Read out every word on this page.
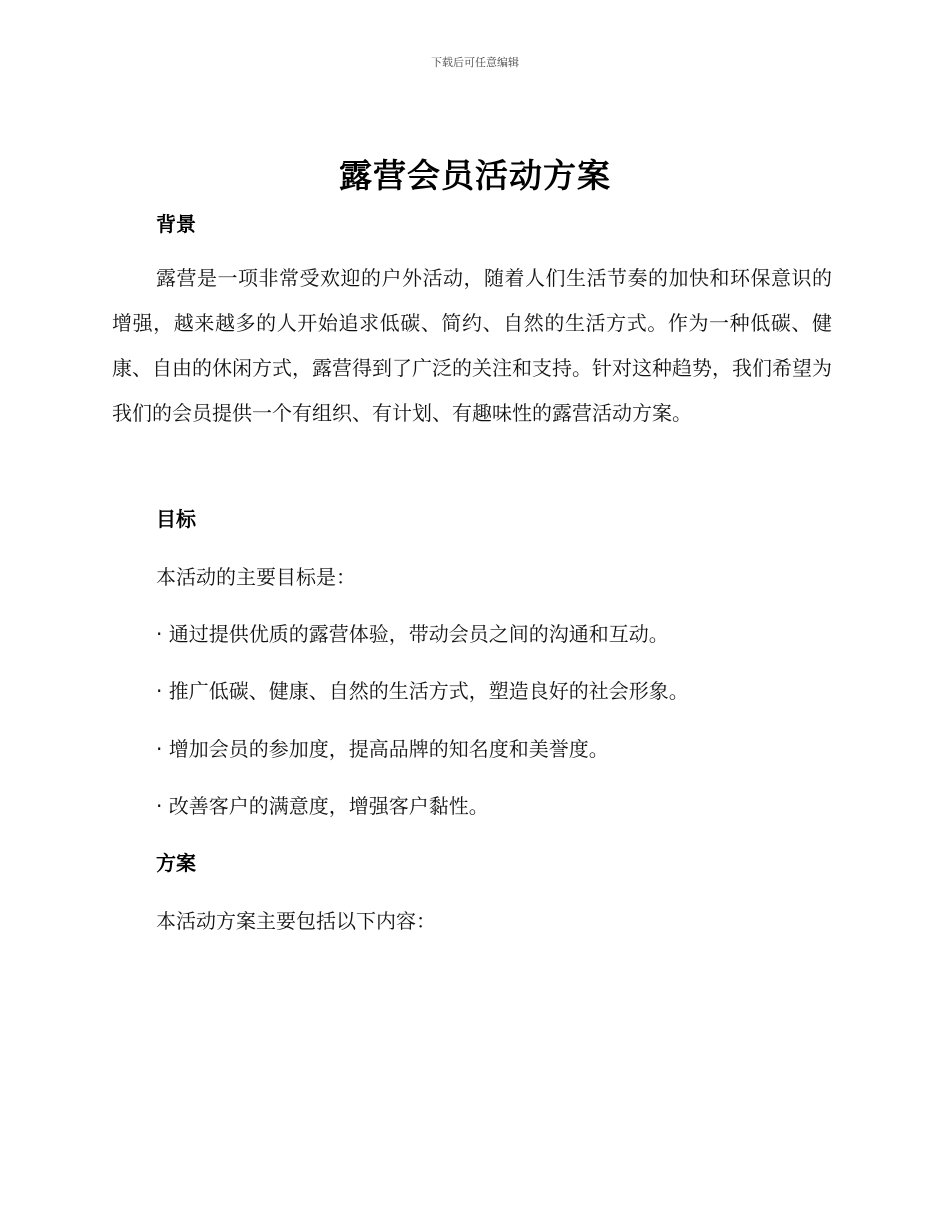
下载后可任意编辑
露营会员活动方案
背景

露营是一项非常受欢迎的户外活动，随着人们生活节奏的加快和环保意识的增强，越来越多的人开始追求低碳、简约、自然的生活方式。作为一种低碳、健康、自由的休闲方式，露营得到了广泛的关注和支持。针对这种趋势，我们希望为我们的会员提供一个有组织、有计划、有趣味性的露营活动方案。

目标

本活动的主要目标是：

· 通过提供优质的露营体验，带动会员之间的沟通和互动。

· 推广低碳、健康、自然的生活方式，塑造良好的社会形象。

· 增加会员的参加度，提高品牌的知名度和美誉度。

· 改善客户的满意度，增强客户黏性。

方案

本活动方案主要包括以下内容：
